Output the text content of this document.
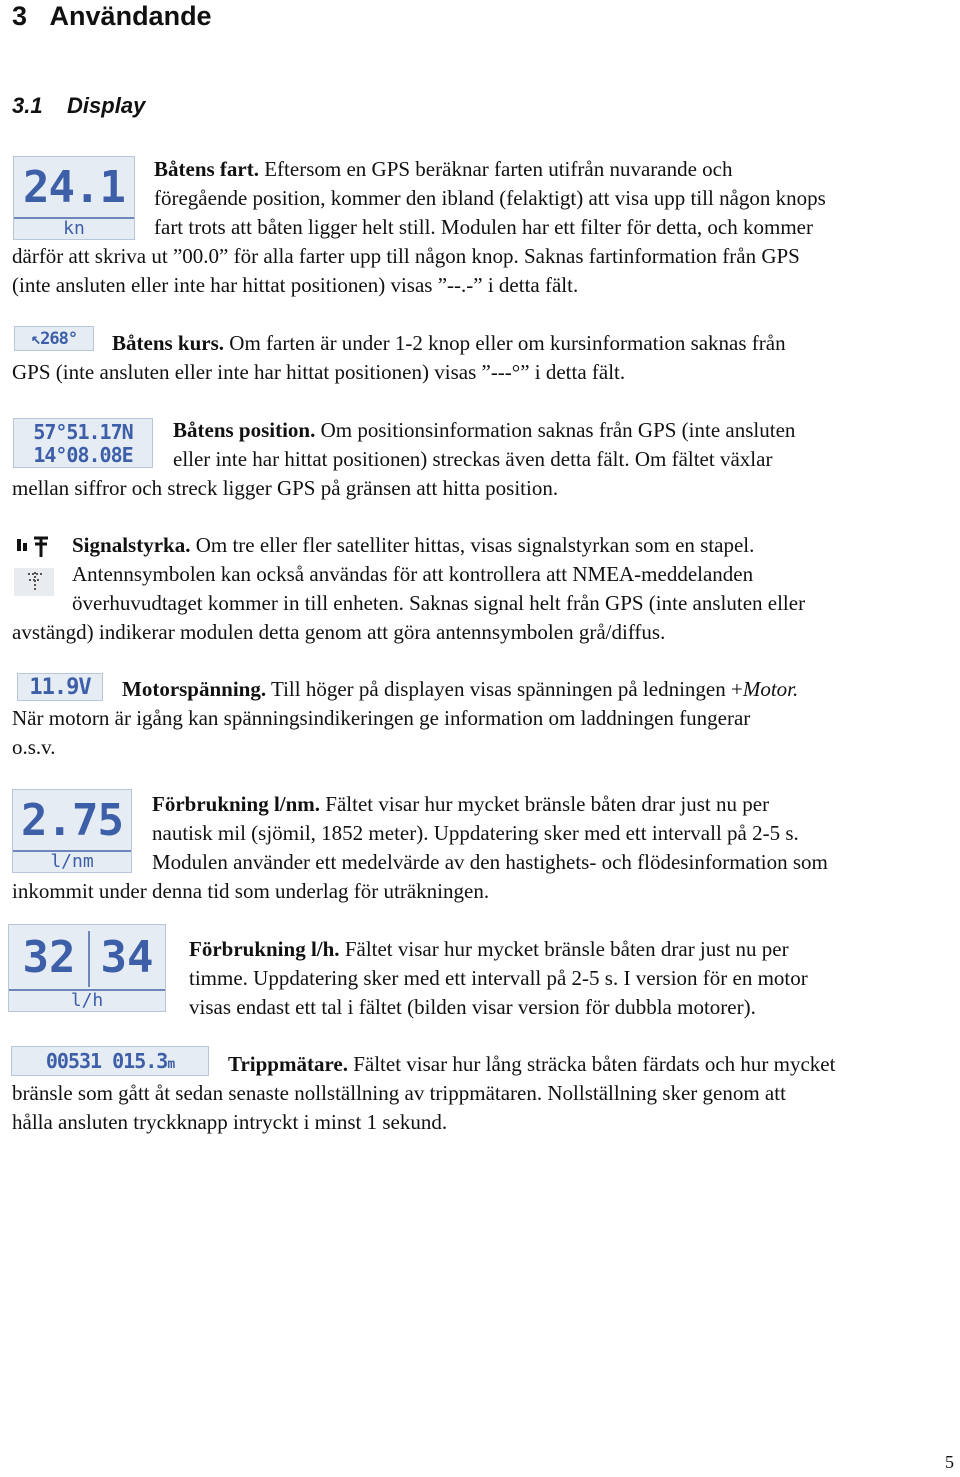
3 Användande
3.1 Display
24.1
kn

Båtens fart. Eftersom en GPS beräknar farten utifrån nuvarande och

föregående position, kommer den ibland (felaktigt) att visa upp till någon knops

fart trots att båten ligger helt still. Modulen har ett filter för detta, och kommer

därför att skriva ut ”00.0” för alla farter upp till någon knop. Saknas fartinformation från GPS

(inte ansluten eller inte har hittat positionen) visas ”--.-” i detta fält.

↖268°	Båtens kurs. Om farten är under 1-2 knop eller om kursinformation saknas från

GPS (inte ansluten eller inte har hittat positionen) visas ”---°” i detta fält.

57°51.17N
14°08.08E

Båtens position. Om positionsinformation saknas från GPS (inte ansluten

eller inte har hittat positionen) streckas även detta fält. Om fältet växlar

mellan siffror och streck ligger GPS på gränsen att hitta position.

Signalstyrka. Om tre eller fler satelliter hittas, visas signalstyrkan som en stapel.

Antennsymbolen kan också användas för att kontrollera att NMEA-meddelanden

överhuvudtaget kommer in till enheten. Saknas signal helt från GPS (inte ansluten eller

avstängd) indikerar modulen detta genom att göra antennsymbolen grå/diffus.

11.9V	Motorspänning. Till höger på displayen visas spänningen på ledningen +Motor.

När motorn är igång kan spänningsindikeringen ge information om laddningen fungerar

o.s.v.

2.75
l/nm

Förbrukning l/nm. Fältet visar hur mycket bränsle båten drar just nu per

nautisk mil (sjömil, 1852 meter). Uppdatering sker med ett intervall på 2-5 s.

Modulen använder ett medelvärde av den hastighets- och flödesinformation som

inkommit under denna tid som underlag för uträkningen.

32 34
l/h

Förbrukning l/h. Fältet visar hur mycket bränsle båten drar just nu per

timme. Uppdatering sker med ett intervall på 2-5 s. I version för en motor

visas endast ett tal i fältet (bilden visar version för dubbla motorer).

00531 015.3m	Trippmätare. Fältet visar hur lång sträcka båten färdats och hur mycket

bränsle som gått åt sedan senaste nollställning av trippmätaren. Nollställning sker genom att

hålla ansluten tryckknapp intryckt i minst 1 sekund.

5
